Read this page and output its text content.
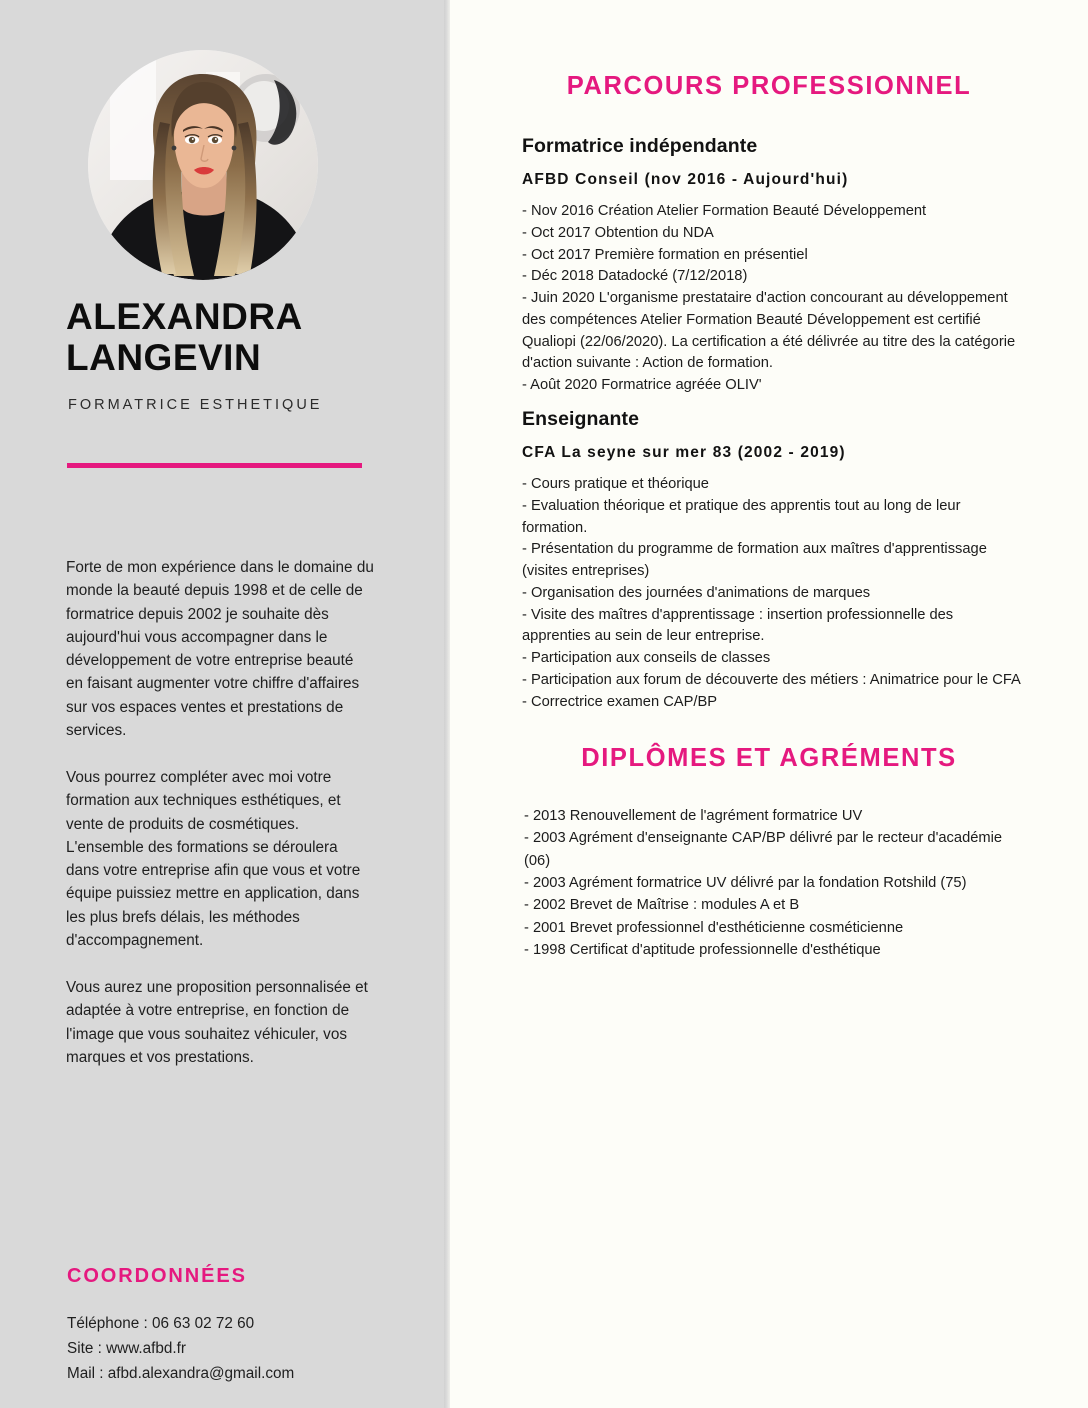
ALEXANDRA
LANGEVIN
FORMATRICE ESTHETIQUE

Forte de mon expérience dans le domaine du monde la beauté depuis 1998 et de celle de formatrice depuis 2002 je souhaite dès aujourd'hui vous accompagner dans le développement de votre entreprise beauté en faisant augmenter votre chiffre d'affaires sur vos espaces ventes et prestations de services.

Vous pourrez compléter avec moi votre formation aux techniques esthétiques, et vente de produits de cosmétiques. L'ensemble des formations se déroulera dans votre entreprise afin que vous et votre équipe puissiez mettre en application, dans les plus brefs délais, les méthodes d'accompagnement.

Vous aurez une proposition personnalisée et adaptée à votre entreprise, en fonction de l'image que vous souhaitez véhiculer, vos marques et vos prestations.

COORDONNÉES
Téléphone : 06 63 02 72 60
Site : www.afbd.fr
Mail : afbd.alexandra@gmail.com
PARCOURS PROFESSIONNEL
Formatrice indépendante
AFBD Conseil (nov 2016 - Aujourd'hui)
- Nov 2016 Création Atelier Formation Beauté Développement
- Oct 2017 Obtention du NDA
- Oct 2017 Première formation en présentiel
- Déc 2018 Datadocké (7/12/2018)
- Juin 2020 L'organisme prestataire d'action concourant au développement des compétences Atelier Formation Beauté Développement est certifié Qualiopi (22/06/2020). La certification a été délivrée au titre des la catégorie d'action suivante : Action de formation.
- Août 2020 Formatrice agréée OLIV'
Enseignante
CFA La seyne sur mer 83 (2002 - 2019)
- Cours pratique et théorique
- Evaluation théorique et pratique des apprentis tout au long de leur formation.
- Présentation du programme de formation aux maîtres d'apprentissage (visites entreprises)
- Organisation des journées d'animations de marques
- Visite des maîtres d'apprentissage : insertion professionnelle des apprenties au sein de leur entreprise.
- Participation aux conseils de classes
- Participation aux forum de découverte des métiers : Animatrice pour le CFA
- Correctrice examen CAP/BP
DIPLÔMES ET AGRÉMENTS
- 2013 Renouvellement de l'agrément formatrice UV
- 2003 Agrément d'enseignante CAP/BP délivré par le recteur d'académie (06)
- 2003 Agrément formatrice UV délivré par la fondation Rotshild (75)
- 2002 Brevet de Maîtrise : modules A et B
- 2001 Brevet professionnel d'esthéticienne cosméticienne
- 1998 Certificat d'aptitude professionnelle d'esthétique
